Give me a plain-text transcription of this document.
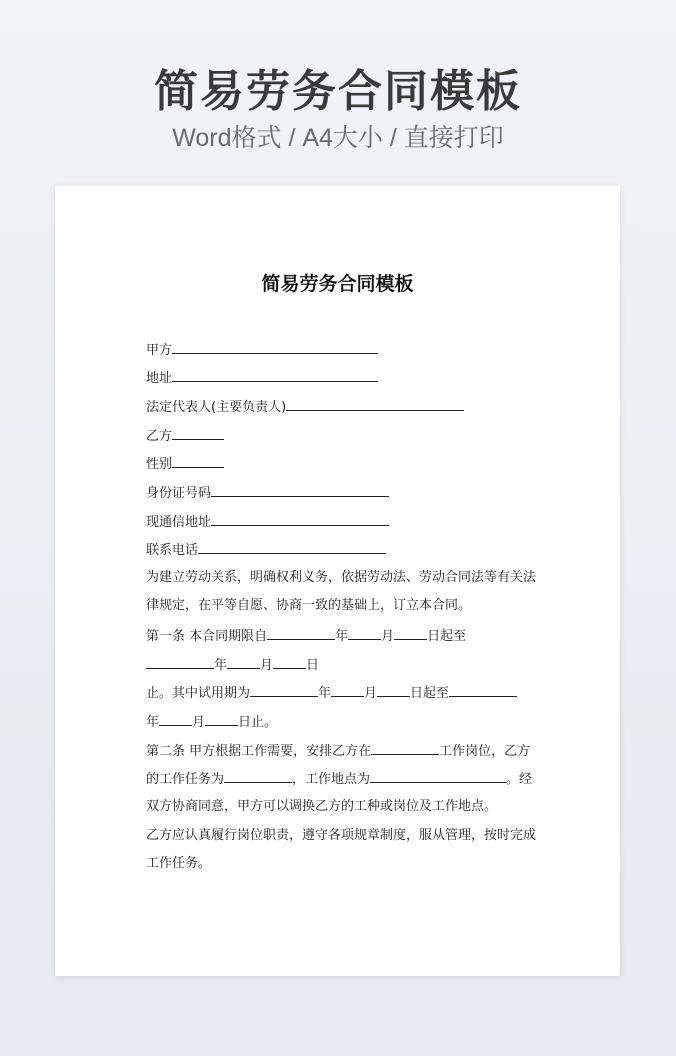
简易劳务合同模板
Word格式 / A4大小 / 直接打印
简易劳务合同模板
甲方
地址
法定代表人(主要负责人)
乙方
性别
身份证号码
现通信地址
联系电话
为建立劳动关系，明确权利义务，依据劳动法、劳动合同法等有关法
律规定，在平等自愿、协商一致的基础上，订立本合同。
第一条 本合同期限自	年	月	日起至
年	月	日
止。其中试用期为	年	月	日起至
年	月	日止。
第二条 甲方根据工作需要，安排乙方在	工作岗位，乙方
的工作任务为	，工作地点为	。经
双方协商同意，甲方可以调换乙方的工种或岗位及工作地点。
乙方应认真履行岗位职责，遵守各项规章制度，服从管理，按时完成
工作任务。
